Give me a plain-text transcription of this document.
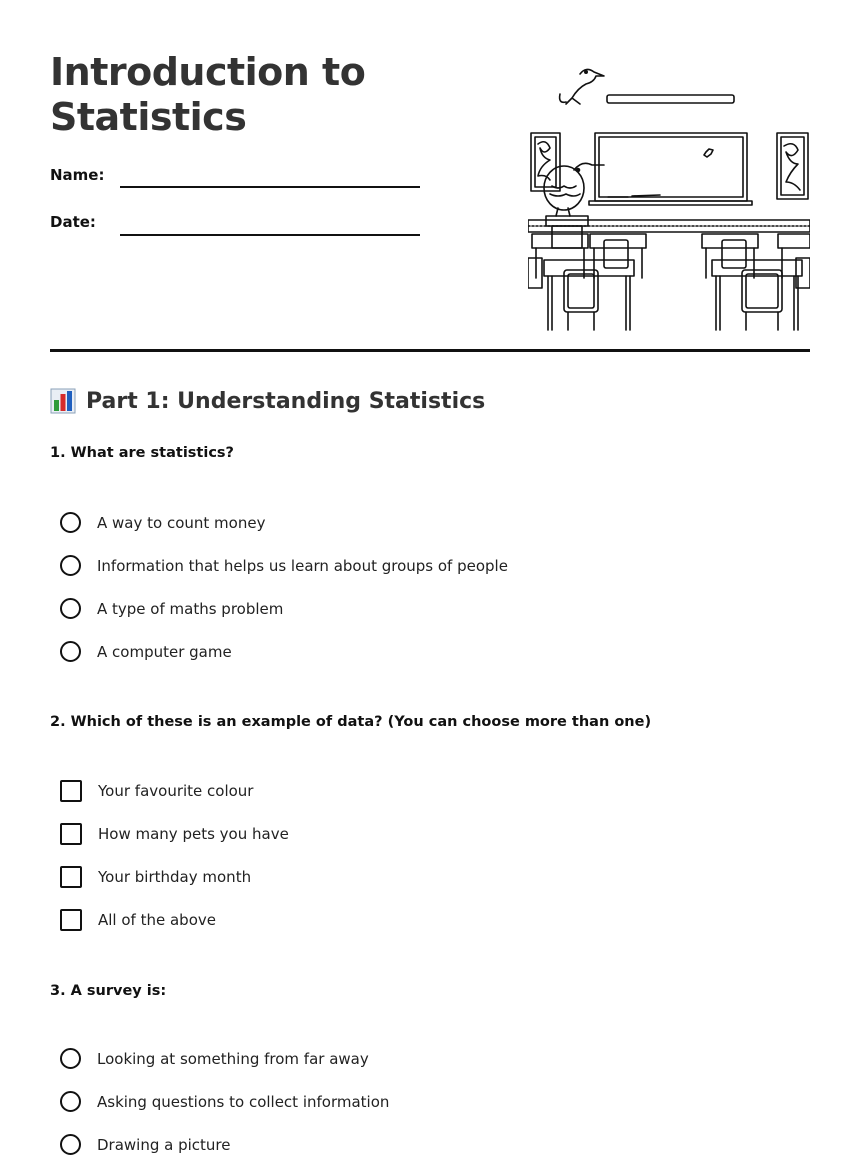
Introduction to
Statistics
Name:
Date:
Part 1: Understanding Statistics

1. What are statistics?

A way to count money
Information that helps us learn about groups of people
A type of maths problem
A computer game

2. Which of these is an example of data? (You can choose more than one)

Your favourite colour
How many pets you have
Your birthday month
All of the above

3. A survey is:

Looking at something from far away
Asking questions to collect information
Drawing a picture
